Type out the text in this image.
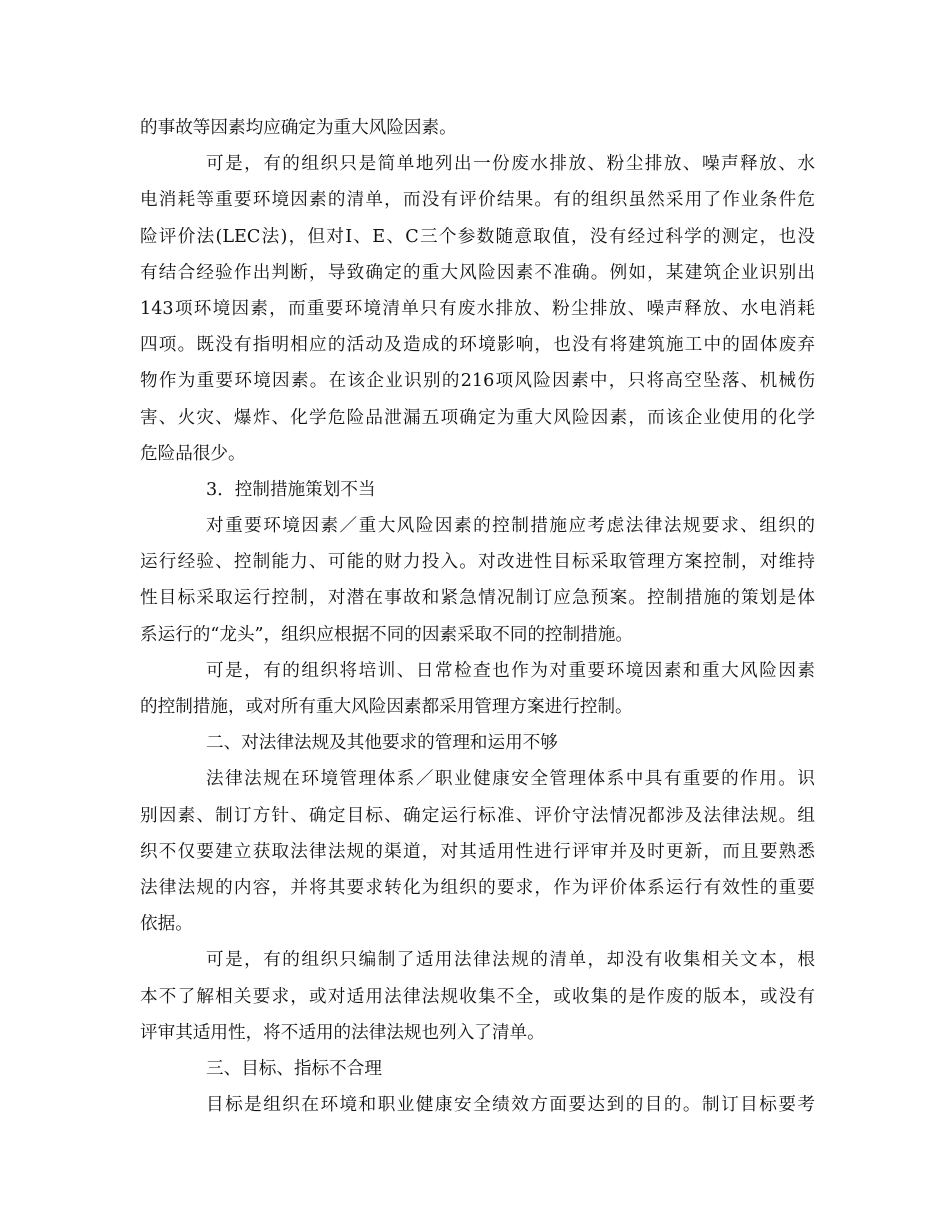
的事故等因素均应确定为重大风险因素。
可是，有的组织只是简单地列出一份废水排放、粉尘排放、噪声释放、水
电消耗等重要环境因素的清单，而没有评价结果。有的组织虽然采用了作业条件危
险评价法(LEC法)，但对Ⅰ、E、C三个参数随意取值，没有经过科学的测定，也没
有结合经验作出判断，导致确定的重大风险因素不准确。例如，某建筑企业识别出
143项环境因素，而重要环境清单只有废水排放、粉尘排放、噪声释放、水电消耗
四项。既没有指明相应的活动及造成的环境影响，也没有将建筑施工中的固体废弃
物作为重要环境因素。在该企业识别的216项风险因素中，只将高空坠落、机械伤
害、火灾、爆炸、化学危险品泄漏五项确定为重大风险因素，而该企业使用的化学
危险品很少。
3．控制措施策划不当
对重要环境因素／重大风险因素的控制措施应考虑法律法规要求、组织的
运行经验、控制能力、可能的财力投入。对改进性目标采取管理方案控制，对维持
性目标采取运行控制，对潜在事故和紧急情况制订应急预案。控制措施的策划是体
系运行的“龙头”，组织应根据不同的因素采取不同的控制措施。
可是，有的组织将培训、日常检查也作为对重要环境因素和重大风险因素
的控制措施，或对所有重大风险因素都采用管理方案进行控制。
二、对法律法规及其他要求的管理和运用不够
法律法规在环境管理体系／职业健康安全管理体系中具有重要的作用。识
别因素、制订方针、确定目标、确定运行标准、评价守法情况都涉及法律法规。组
织不仅要建立获取法律法规的渠道，对其适用性进行评审并及时更新，而且要熟悉
法律法规的内容，并将其要求转化为组织的要求，作为评价体系运行有效性的重要
依据。
可是，有的组织只编制了适用法律法规的清单，却没有收集相关文本，根
本不了解相关要求，或对适用法律法规收集不全，或收集的是作废的版本，或没有
评审其适用性，将不适用的法律法规也列入了清单。
三、目标、指标不合理
目标是组织在环境和职业健康安全绩效方面要达到的目的。制订目标要考
